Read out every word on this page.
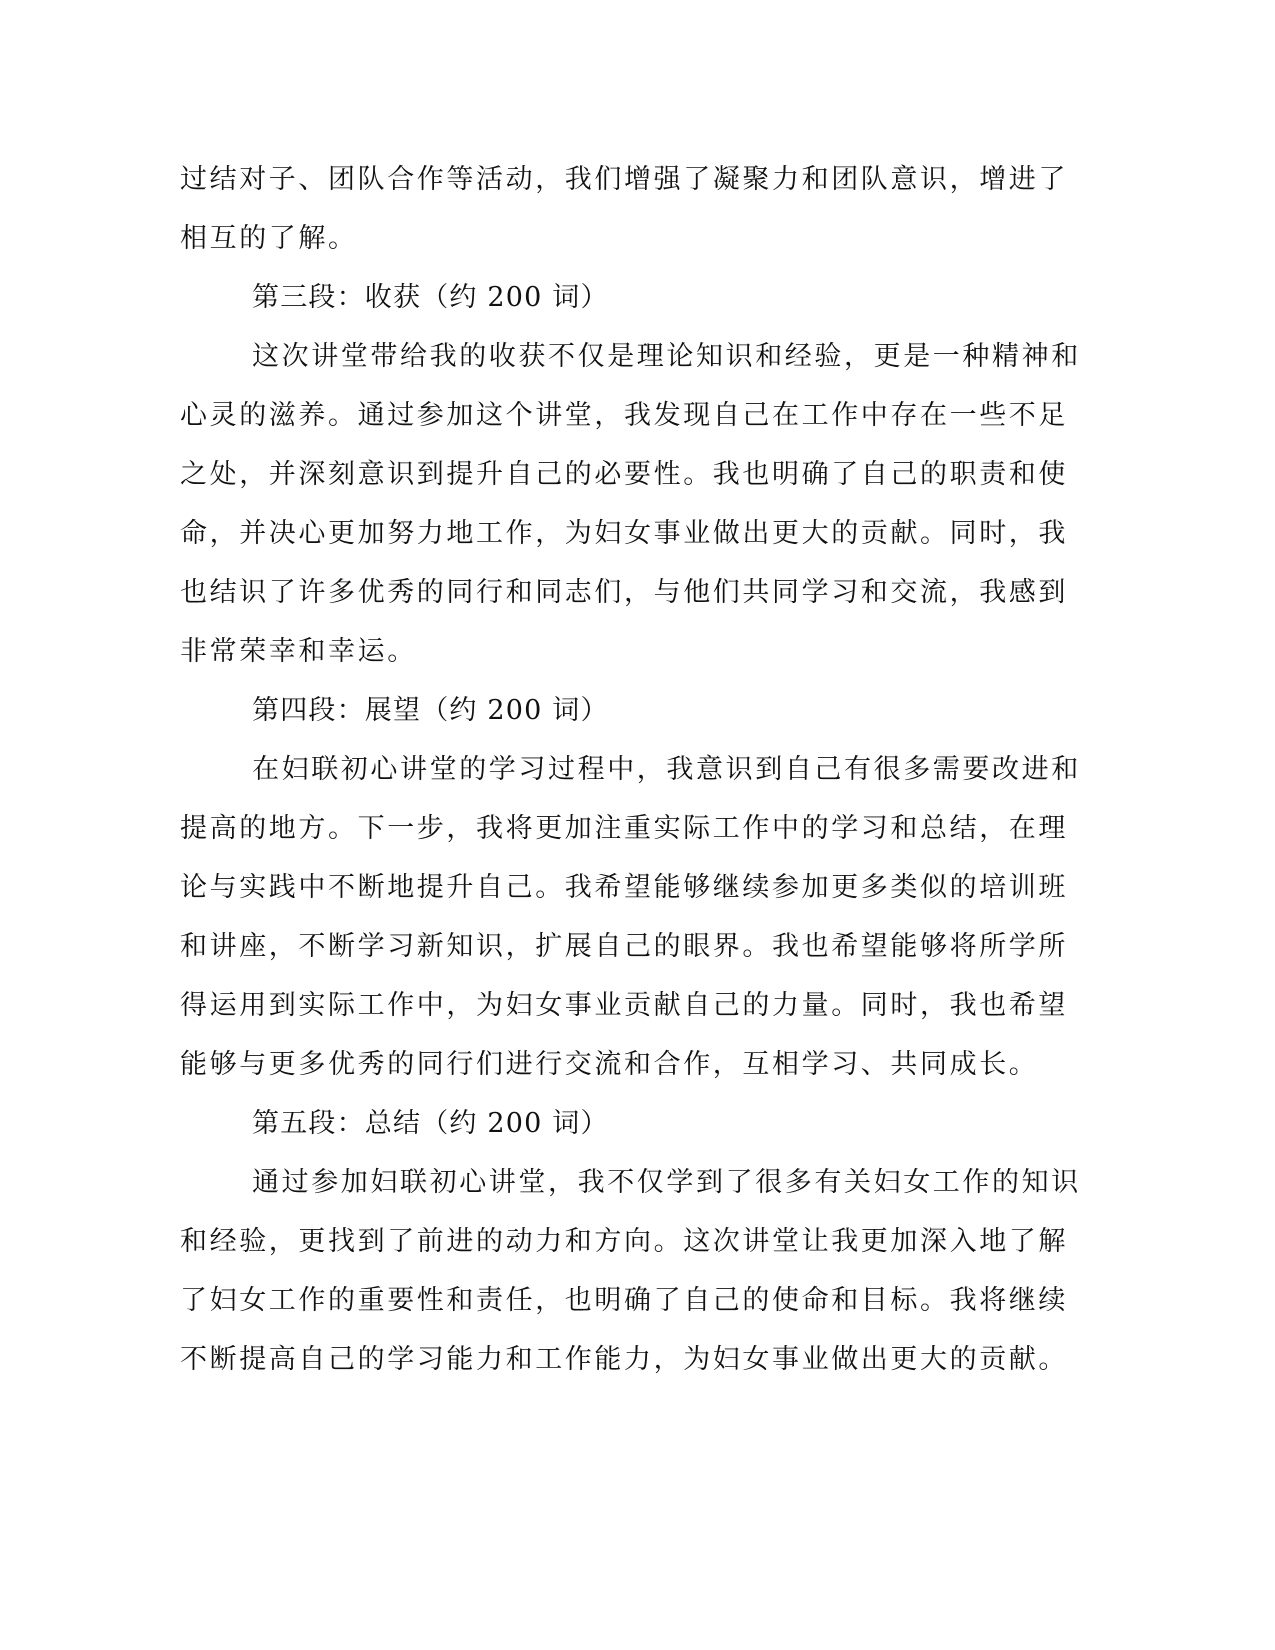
过结对子、团队合作等活动，我们增强了凝聚力和团队意识，增进了
相互的了解。
第三段：收获（约 200 词）
这次讲堂带给我的收获不仅是理论知识和经验，更是一种精神和
心灵的滋养。通过参加这个讲堂，我发现自己在工作中存在一些不足
之处，并深刻意识到提升自己的必要性。我也明确了自己的职责和使
命，并决心更加努力地工作，为妇女事业做出更大的贡献。同时，我
也结识了许多优秀的同行和同志们，与他们共同学习和交流，我感到
非常荣幸和幸运。
第四段：展望（约 200 词）
在妇联初心讲堂的学习过程中，我意识到自己有很多需要改进和
提高的地方。下一步，我将更加注重实际工作中的学习和总结，在理
论与实践中不断地提升自己。我希望能够继续参加更多类似的培训班
和讲座，不断学习新知识，扩展自己的眼界。我也希望能够将所学所
得运用到实际工作中，为妇女事业贡献自己的力量。同时，我也希望
能够与更多优秀的同行们进行交流和合作，互相学习、共同成长。
第五段：总结（约 200 词）
通过参加妇联初心讲堂，我不仅学到了很多有关妇女工作的知识
和经验，更找到了前进的动力和方向。这次讲堂让我更加深入地了解
了妇女工作的重要性和责任，也明确了自己的使命和目标。我将继续
不断提高自己的学习能力和工作能力，为妇女事业做出更大的贡献。
